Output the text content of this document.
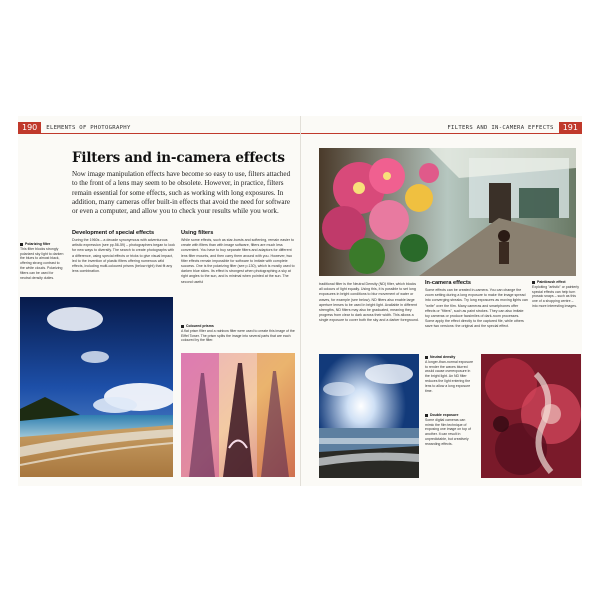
190	ELEMENTS OF PHOTOGRAPHY	191
FILTERS AND IN-CAMERA EFFECTS
Filters and in-camera effects

Now image manipulation effects have become so easy to use, filters attached to the front of a lens may seem to be obsolete. However, in practice, filters remain essential for some effects, such as working with long exposures. In addition, many cameras offer built-in effects that avoid the need for software or even a computer, and allow you to check your results while you work.

Polarizing filter
This filter blocks strongly polarized sky light to darken the blues to almost black, offering strong contrast to the white clouds. Polarizing filters can be used for neutral density duties.
Development of special effects
During the 1960s – a decade synonymous with adventurous artistic expression (see pp.56-59) – photographers began to look for new ways to diversify. The search to create photographs with a difference, using special effects or tricks to give visual impact, led to the invention of plastic filters offering numerous wild effects, including multi-coloured prisms (below right) that fit any lens combination.
Using filters
While some effects, such as star-bursts and softening, remain easier to create with filters than with image software, filters are much less convenient. You have to buy separate filters and adaptors for different lens filter mounts, and then carry them around with you. However, two filter effects remain impossible for software to imitate with complete success. One is the polarizing filter (see p.130), which is mostly used to darken blue skies. Its effect is strongest when photographing a sky at right angles to the sun, and is minimal when pointed at the sun. The second useful
Coloured prisms
A flat prism filter and a rainbow filter were used to create this image of the Eiffel Tower. The prism splits the image into several parts that are each coloured by the filter.
Paintbrush effect
Exploiting "artistic" or painterly special effects can help turn prosaic snaps – such as this one of a shopping centre – into more interesting images.
traditional filter is the Neutral Density (ND) filter, which blocks all colours of light equally. Using this, it is possible to set long exposures in bright conditions to blur movement of water or waves, for example (see below). ND filters also enable large aperture lenses to be used in bright light. Available in different strengths, ND filters may also be graduated, meaning they progress from clear to dark across their width. This allows a single exposure to cover both the sky and a darker foreground.
In-camera effects
Some effects can be created in-camera. You can change the zoom setting during a long exposure to make the image spread into converging streaks. Try long exposures as moving lights can "write" over the film. Many cameras and smartphones offer effects or "filters", such as paint strokes. They can also imitate toy cameras or produce facsimiles of dark-room processes. Some apply the effect directly to the captured file, while others save two versions: the original and the special effect.
Neutral density
A longer-than-normal exposure to render the waves blurred would cause overexposure in the bright light. An ND filter reduces the light entering the lens to allow a long exposure time.
Double exposure
Some digital cameras can mimic the film technique of exposing one image on top of another. It can result in unpredictable, but creatively rewarding effects.
